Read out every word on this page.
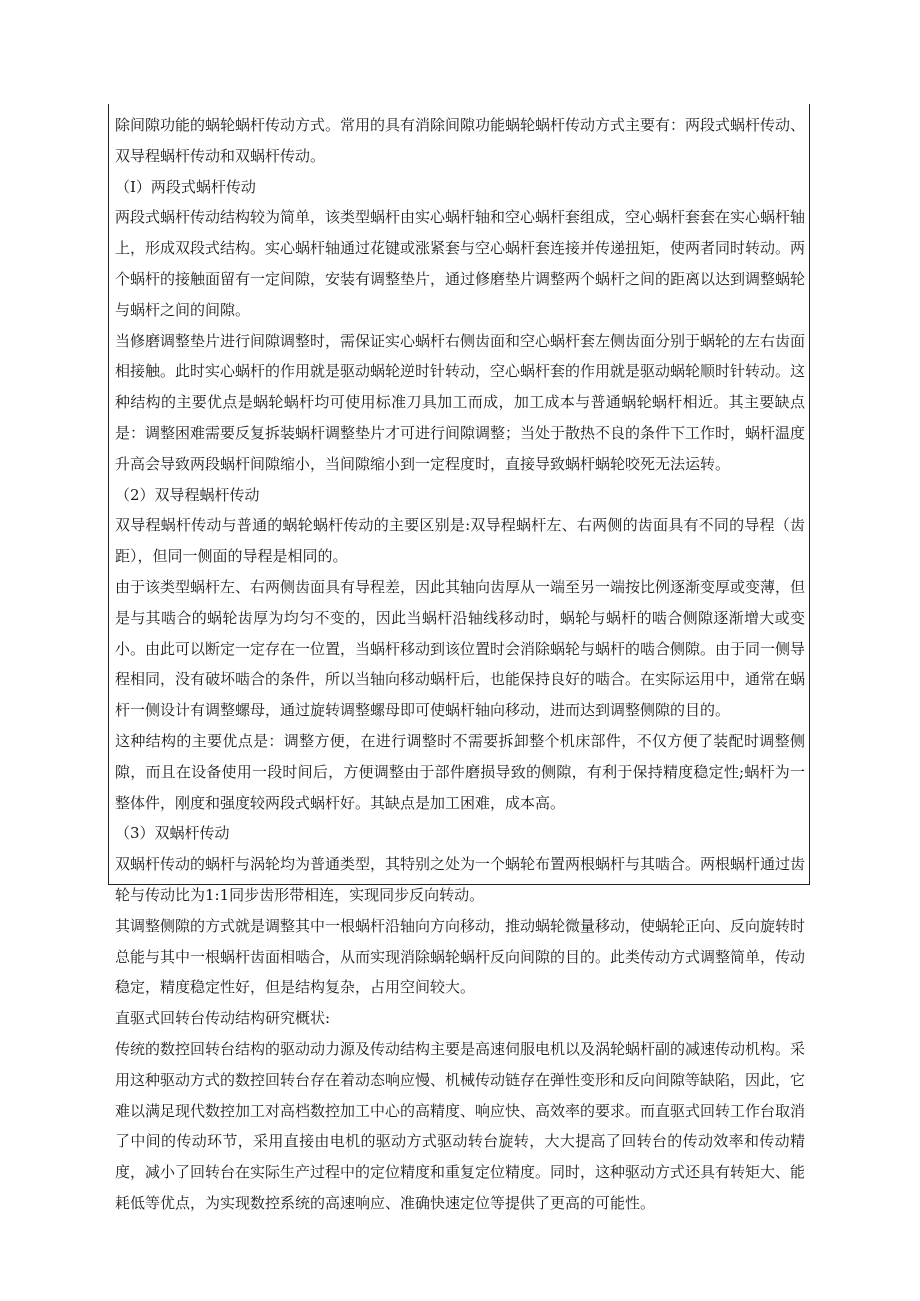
除间隙功能的蜗轮蜗杆传动方式。常用的具有消除间隙功能蜗轮蜗杆传动方式主要有：两段式蜗杆传动、双导程蜗杆传动和双蜗杆传动。

（I）两段式蜗杆传动

两段式蜗杆传动结构较为简单，该类型蜗杆由实心蜗杆轴和空心蜗杆套组成，空心蜗杆套套在实心蜗杆轴上，形成双段式结构。实心蜗杆轴通过花键或涨紧套与空心蜗杆套连接并传递扭矩，使两者同时转动。两个蜗杆的接触面留有一定间隙，安装有调整垫片，通过修磨垫片调整两个蜗杆之间的距离以达到调整蜗轮与蜗杆之间的间隙。

当修磨调整垫片进行间隙调整时，需保证实心蜗杆右侧齿面和空心蜗杆套左侧齿面分别于蜗轮的左右齿面相接触。此时实心蜗杆的作用就是驱动蜗轮逆时针转动，空心蜗杆套的作用就是驱动蜗轮顺时针转动。这种结构的主要优点是蜗轮蜗杆均可使用标准刀具加工而成，加工成本与普通蜗轮蜗杆相近。其主要缺点是：调整困难需要反复拆装蜗杆调整垫片才可进行间隙调整；当处于散热不良的条件下工作时，蜗杆温度升高会导致两段蜗杆间隙缩小，当间隙缩小到一定程度时，直接导致蜗杆蜗轮咬死无法运转。

（2）双导程蜗杆传动

双导程蜗杆传动与普通的蜗轮蜗杆传动的主要区别是:双导程蜗杆左、右两侧的齿面具有不同的导程（齿距），但同一侧面的导程是相同的。

由于该类型蜗杆左、右两侧齿面具有导程差，因此其轴向齿厚从一端至另一端按比例逐渐变厚或变薄，但是与其啮合的蜗轮齿厚为均匀不变的，因此当蜗杆沿轴线移动时，蜗轮与蜗杆的啮合侧隙逐渐增大或变小。由此可以断定一定存在一位置，当蜗杆移动到该位置时会消除蜗轮与蜗杆的啮合侧隙。由于同一侧导程相同，没有破坏啮合的条件，所以当轴向移动蜗杆后，也能保持良好的啮合。在实际运用中，通常在蜗杆一侧设计有调整螺母，通过旋转调整螺母即可使蜗杆轴向移动，进而达到调整侧隙的目的。

这种结构的主要优点是：调整方便，在进行调整时不需要拆卸整个机床部件，不仅方便了装配时调整侧隙，而且在设备使用一段时间后，方便调整由于部件磨损导致的侧隙，有利于保持精度稳定性;蜗杆为一整体件，刚度和强度较两段式蜗杆好。其缺点是加工困难，成本高。

（3）双蜗杆传动

双蜗杆传动的蜗杆与涡轮均为普通类型，其特别之处为一个蜗轮布置两根蜗杆与其啮合。两根蜗杆通过齿轮与传动比为1:1同步齿形带相连，实现同步反向转动。

其调整侧隙的方式就是调整其中一根蜗杆沿轴向方向移动，推动蜗轮微量移动，使蜗轮正向、反向旋转时总能与其中一根蜗杆齿面相啮合，从而实现消除蜗轮蜗杆反向间隙的目的。此类传动方式调整简单，传动稳定，精度稳定性好，但是结构复杂，占用空间较大。

直驱式回转台传动结构研究概状:

传统的数控回转台结构的驱动动力源及传动结构主要是高速伺服电机以及涡轮蜗杆副的减速传动机构。采用这种驱动方式的数控回转台存在着动态响应慢、机械传动链存在弹性变形和反向间隙等缺陷，因此，它难以满足现代数控加工对高档数控加工中心的高精度、响应快、高效率的要求。而直驱式回转工作台取消了中间的传动环节，采用直接由电机的驱动方式驱动转台旋转，大大提高了回转台的传动效率和传动精度，减小了回转台在实际生产过程中的定位精度和重复定位精度。同时，这种驱动方式还具有转矩大、能耗低等优点，为实现数控系统的高速响应、准确快速定位等提供了更高的可能性。
